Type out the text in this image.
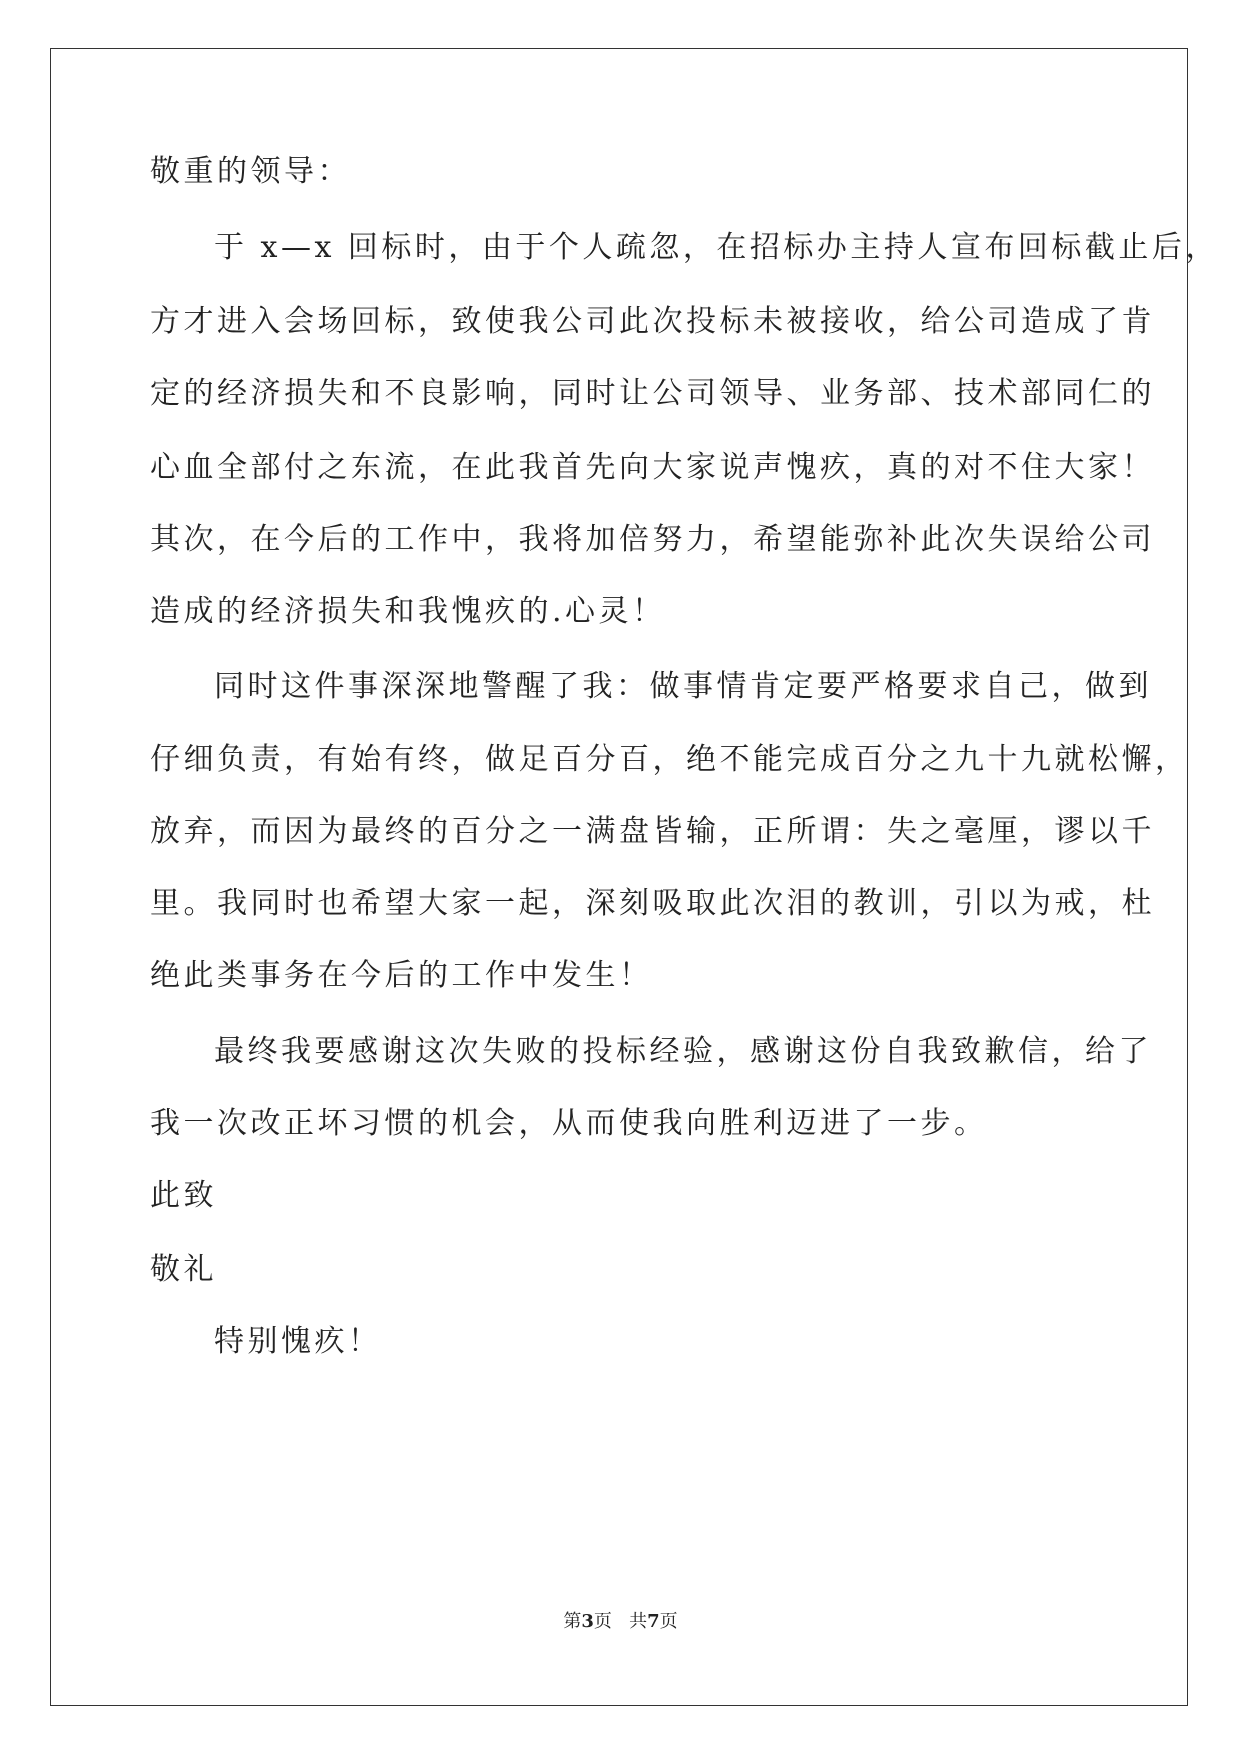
敬重的领导：
于 x—x 回标时，由于个人疏忽，在招标办主持人宣布回标截止后，
方才进入会场回标，致使我公司此次投标未被接收，给公司造成了肯
定的经济损失和不良影响，同时让公司领导、业务部、技术部同仁的
心血全部付之东流，在此我首先向大家说声愧疚，真的对不住大家！
其次，在今后的工作中，我将加倍努力，希望能弥补此次失误给公司
造成的经济损失和我愧疚的.心灵！
同时这件事深深地警醒了我：做事情肯定要严格要求自己，做到
仔细负责，有始有终，做足百分百，绝不能完成百分之九十九就松懈，
放弃，而因为最终的百分之一满盘皆输，正所谓：失之毫厘，谬以千
里。我同时也希望大家一起，深刻吸取此次泪的教训，引以为戒，杜
绝此类事务在今后的工作中发生！
最终我要感谢这次失败的投标经验，感谢这份自我致歉信，给了
我一次改正坏习惯的机会，从而使我向胜利迈进了一步。
此致
敬礼
特别愧疚！
第3页 共7页
